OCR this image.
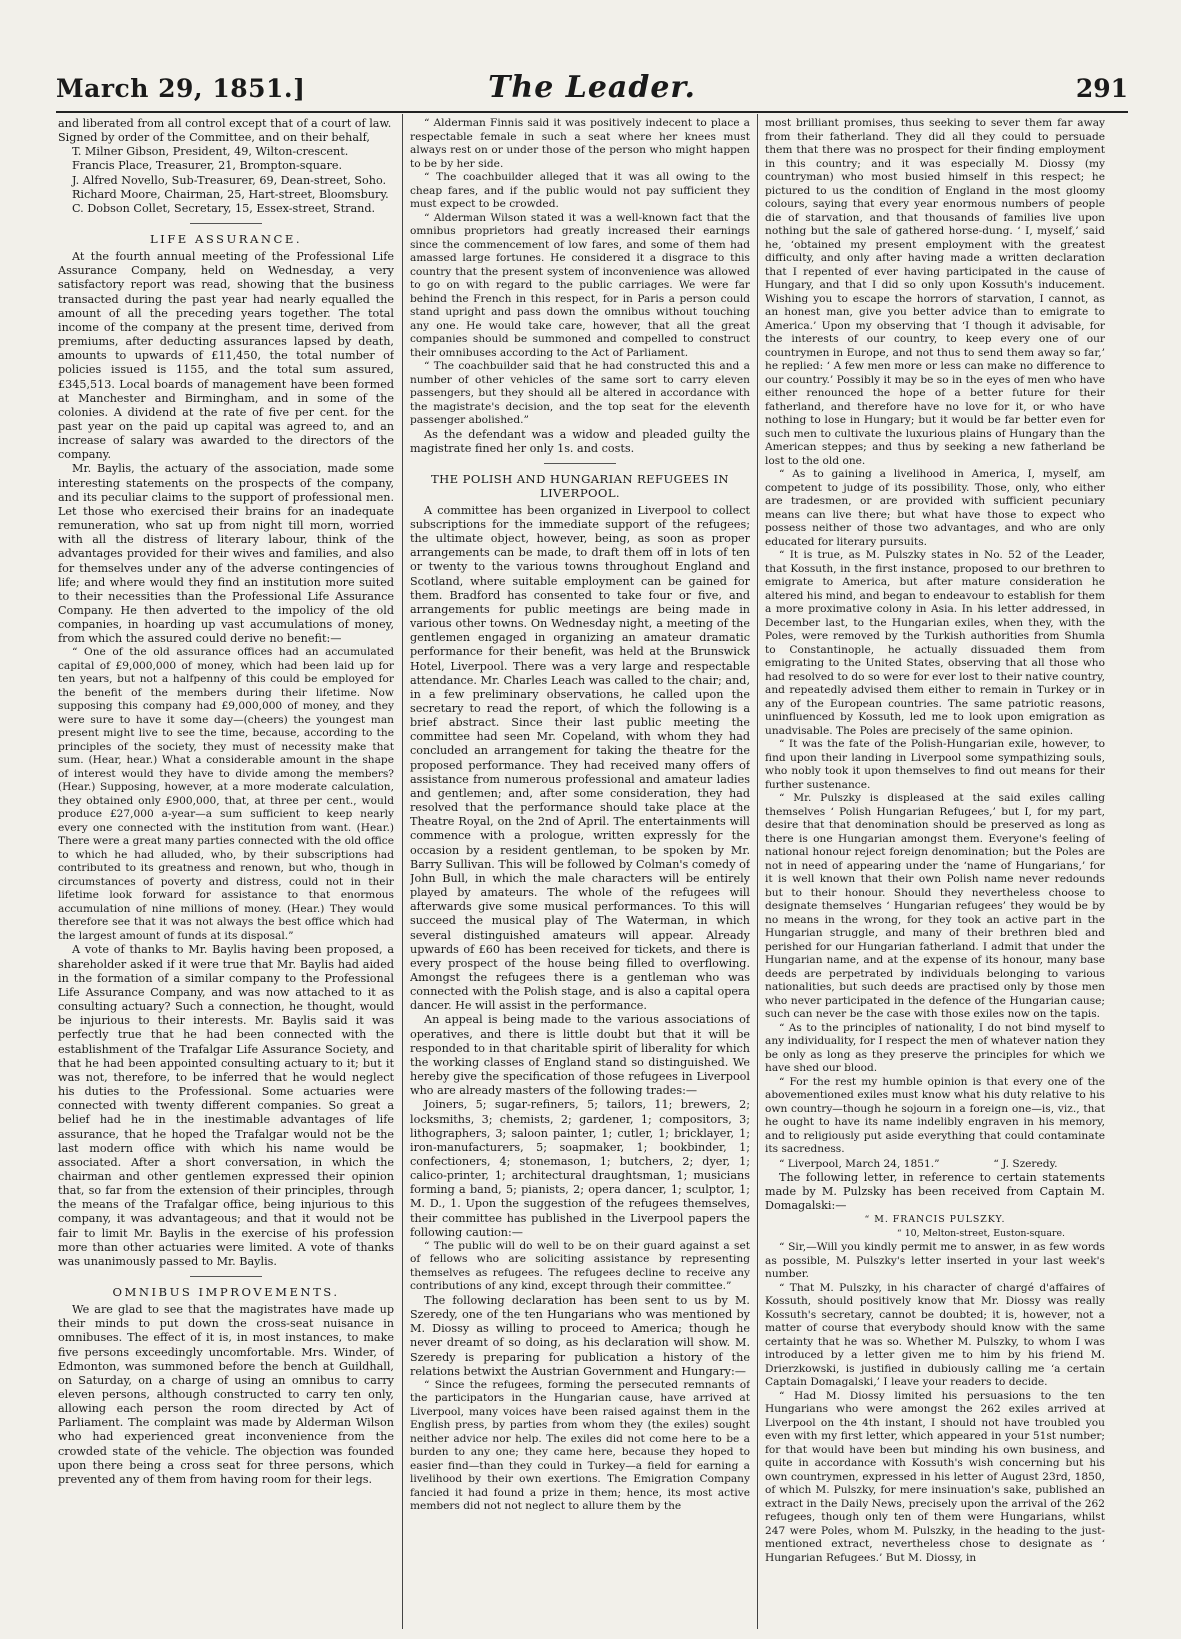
March 29, 1851.]	The Leader.	291

and liberated from all control except that of a court of law.

Signed by order of the Committee, and on their behalf,

T. Milner Gibson, President, 49, Wilton-crescent.

Francis Place, Treasurer, 21, Brompton-square.

J. Alfred Novello, Sub-Treasurer, 69, Dean-street, Soho.

Richard Moore, Chairman, 25, Hart-street, Bloomsbury.

C. Dobson Collet, Secretary, 15, Essex-street, Strand.

LIFE ASSURANCE.

At the fourth annual meeting of the Professional Life Assurance Company, held on Wednesday, a very satisfactory report was read, showing that the business transacted during the past year had nearly equalled the amount of all the preceding years together. The total income of the company at the present time, derived from premiums, after deducting assurances lapsed by death, amounts to upwards of £11,450, the total number of policies issued is 1155, and the total sum assured, £345,513. Local boards of management have been formed at Manchester and Birmingham, and in some of the colonies. A dividend at the rate of five per cent. for the past year on the paid up capital was agreed to, and an increase of salary was awarded to the directors of the company.

Mr. Baylis, the actuary of the association, made some interesting statements on the prospects of the company, and its peculiar claims to the support of professional men. Let those who exercised their brains for an inadequate remuneration, who sat up from night till morn, worried with all the distress of literary labour, think of the advantages provided for their wives and families, and also for themselves under any of the adverse contingencies of life; and where would they find an institution more suited to their necessities than the Professional Life Assurance Company. He then adverted to the impolicy of the old companies, in hoarding up vast accumulations of money, from which the assured could derive no benefit:—

“ One of the old assurance offices had an accumulated capital of £9,000,000 of money, which had been laid up for ten years, but not a halfpenny of this could be employed for the benefit of the members during their lifetime. Now supposing this company had £9,000,000 of money, and they were sure to have it some day—(cheers) the youngest man present might live to see the time, because, according to the principles of the society, they must of necessity make that sum. (Hear, hear.) What a considerable amount in the shape of interest would they have to divide among the members? (Hear.) Supposing, however, at a more moderate calculation, they obtained only £900,000, that, at three per cent., would produce £27,000 a-year—a sum sufficient to keep nearly every one connected with the institution from want. (Hear.) There were a great many parties connected with the old office to which he had alluded, who, by their subscriptions had contributed to its greatness and renown, but who, though in circumstances of poverty and distress, could not in their lifetime look forward for assistance to that enormous accumulation of nine millions of money. (Hear.) They would therefore see that it was not always the best office which had the largest amount of funds at its disposal.”

A vote of thanks to Mr. Baylis having been proposed, a shareholder asked if it were true that Mr. Baylis had aided in the formation of a similar company to the Professional Life Assurance Company, and was now attached to it as consulting actuary? Such a connection, he thought, would be injurious to their interests. Mr. Baylis said it was perfectly true that he had been connected with the establishment of the Trafalgar Life Assurance Society, and that he had been appointed consulting actuary to it; but it was not, therefore, to be inferred that he would neglect his duties to the Professional. Some actuaries were connected with twenty different companies. So great a belief had he in the inestimable advantages of life assurance, that he hoped the Trafalgar would not be the last modern office with which his name would be associated. After a short conversation, in which the chairman and other gentlemen expressed their opinion that, so far from the extension of their principles, through the means of the Trafalgar office, being injurious to this company, it was advantageous; and that it would not be fair to limit Mr. Baylis in the exercise of his profession more than other actuaries were limited. A vote of thanks was unanimously passed to Mr. Baylis.

OMNIBUS IMPROVEMENTS.

We are glad to see that the magistrates have made up their minds to put down the cross-seat nuisance in omnibuses. The effect of it is, in most instances, to make five persons exceedingly uncomfortable. Mrs. Winder, of Edmonton, was summoned before the bench at Guildhall, on Saturday, on a charge of using an omnibus to carry eleven persons, although constructed to carry ten only, allowing each person the room directed by Act of Parliament. The complaint was made by Alderman Wilson who had experienced great inconvenience from the crowded state of the vehicle. The objection was founded upon there being a cross seat for three persons, which prevented any of them from having room for their legs.

“ Alderman Finnis said it was positively indecent to place a respectable female in such a seat where her knees must always rest on or under those of the person who might happen to be by her side.

“ The coachbuilder alleged that it was all owing to the cheap fares, and if the public would not pay sufficient they must expect to be crowded.

“ Alderman Wilson stated it was a well-known fact that the omnibus proprietors had greatly increased their earnings since the commencement of low fares, and some of them had amassed large fortunes. He considered it a disgrace to this country that the present system of inconvenience was allowed to go on with regard to the public carriages. We were far behind the French in this respect, for in Paris a person could stand upright and pass down the omnibus without touching any one. He would take care, however, that all the great companies should be summoned and compelled to construct their omnibuses according to the Act of Parliament.

“ The coachbuilder said that he had constructed this and a number of other vehicles of the same sort to carry eleven passengers, but they should all be altered in accordance with the magistrate's decision, and the top seat for the eleventh passenger abolished.”

As the defendant was a widow and pleaded guilty the magistrate fined her only 1s. and costs.

THE POLISH AND HUNGARIAN REFUGEES IN LIVERPOOL.

A committee has been organized in Liverpool to collect subscriptions for the immediate support of the refugees; the ultimate object, however, being, as soon as proper arrangements can be made, to draft them off in lots of ten or twenty to the various towns throughout England and Scotland, where suitable employment can be gained for them. Bradford has consented to take four or five, and arrangements for public meetings are being made in various other towns. On Wednesday night, a meeting of the gentlemen engaged in organizing an amateur dramatic performance for their benefit, was held at the Brunswick Hotel, Liverpool. There was a very large and respectable attendance. Mr. Charles Leach was called to the chair; and, in a few preliminary observations, he called upon the secretary to read the report, of which the following is a brief abstract. Since their last public meeting the committee had seen Mr. Copeland, with whom they had concluded an arrangement for taking the theatre for the proposed performance. They had received many offers of assistance from numerous professional and amateur ladies and gentlemen; and, after some consideration, they had resolved that the performance should take place at the Theatre Royal, on the 2nd of April. The entertainments will commence with a prologue, written expressly for the occasion by a resident gentleman, to be spoken by Mr. Barry Sullivan. This will be followed by Colman's comedy of John Bull, in which the male characters will be entirely played by amateurs. The whole of the refugees will afterwards give some musical performances. To this will succeed the musical play of The Waterman, in which several distinguished amateurs will appear. Already upwards of £60 has been received for tickets, and there is every prospect of the house being filled to overflowing. Amongst the refugees there is a gentleman who was connected with the Polish stage, and is also a capital opera dancer. He will assist in the performance.

An appeal is being made to the various associations of operatives, and there is little doubt but that it will be responded to in that charitable spirit of liberality for which the working classes of England stand so distinguished. We hereby give the specification of those refugees in Liverpool who are already masters of the following trades:—

Joiners, 5; sugar-refiners, 5; tailors, 11; brewers, 2; locksmiths, 3; chemists, 2; gardener, 1; compositors, 3; lithographers, 3; saloon painter, 1; cutler, 1; bricklayer, 1; iron-manufacturers, 5; soapmaker, 1; bookbinder, 1; confectioners, 4; stonemason, 1; butchers, 2; dyer, 1; calico-printer, 1; architectural draughtsman, 1; musicians forming a band, 5; pianists, 2; opera dancer, 1; sculptor, 1; M. D., 1. Upon the suggestion of the refugees themselves, their committee has published in the Liverpool papers the following caution:—

“ The public will do well to be on their guard against a set of fellows who are soliciting assistance by representing themselves as refugees. The refugees decline to receive any contributions of any kind, except through their committee.”

The following declaration has been sent to us by M. Szeredy, one of the ten Hungarians who was mentioned by M. Diossy as willing to proceed to America; though he never dreamt of so doing, as his declaration will show. M. Szeredy is preparing for publication a history of the relations betwixt the Austrian Government and Hungary:—

“ Since the refugees, forming the persecuted remnants of the participators in the Hungarian cause, have arrived at Liverpool, many voices have been raised against them in the English press, by parties from whom they (the exiles) sought neither advice nor help. The exiles did not come here to be a burden to any one; they came here, because they hoped to easier find—than they could in Turkey—a field for earning a livelihood by their own exertions. The Emigration Company fancied it had found a prize in them; hence, its most active members did not not neglect to allure them by the

most brilliant promises, thus seeking to sever them far away from their fatherland. They did all they could to persuade them that there was no prospect for their finding employment in this country; and it was especially M. Diossy (my countryman) who most busied himself in this respect; he pictured to us the condition of England in the most gloomy colours, saying that every year enormous numbers of people die of starvation, and that thousands of families live upon nothing but the sale of gathered horse-dung. ‘ I, myself,’ said he, ‘obtained my present employment with the greatest difficulty, and only after having made a written declaration that I repented of ever having participated in the cause of Hungary, and that I did so only upon Kossuth's inducement. Wishing you to escape the horrors of starvation, I cannot, as an honest man, give you better advice than to emigrate to America.’ Upon my observing that ‘I though it advisable, for the interests of our country, to keep every one of our countrymen in Europe, and not thus to send them away so far,’ he replied: ‘ A few men more or less can make no difference to our country.’ Possibly it may be so in the eyes of men who have either renounced the hope of a better future for their fatherland, and therefore have no love for it, or who have nothing to lose in Hungary; but it would be far better even for such men to cultivate the luxurious plains of Hungary than the American steppes; and thus by seeking a new fatherland be lost to the old one.

“ As to gaining a livelihood in America, I, myself, am competent to judge of its possibility. Those, only, who either are tradesmen, or are provided with sufficient pecuniary means can live there; but what have those to expect who possess neither of those two advantages, and who are only educated for literary pursuits.

“ It is true, as M. Pulszky states in No. 52 of the Leader, that Kossuth, in the first instance, proposed to our brethren to emigrate to America, but after mature consideration he altered his mind, and began to endeavour to establish for them a more proximative colony in Asia. In his letter addressed, in December last, to the Hungarian exiles, when they, with the Poles, were removed by the Turkish authorities from Shumla to Constantinople, he actually dissuaded them from emigrating to the United States, observing that all those who had resolved to do so were for ever lost to their native country, and repeatedly advised them either to remain in Turkey or in any of the European countries. The same patriotic reasons, uninfluenced by Kossuth, led me to look upon emigration as unadvisable. The Poles are precisely of the same opinion.

“ It was the fate of the Polish-Hungarian exile, however, to find upon their landing in Liverpool some sympathizing souls, who nobly took it upon themselves to find out means for their further sustenance.

“ Mr. Pulszky is displeased at the said exiles calling themselves ‘ Polish Hungarian Refugees,’ but I, for my part, desire that that denomination should be preserved as long as there is one Hungarian amongst them. Everyone's feeling of national honour reject foreign denomination; but the Poles are not in need of appearing under the ‘name of Hungarians,’ for it is well known that their own Polish name never redounds but to their honour. Should they nevertheless choose to designate themselves ‘ Hungarian refugees’ they would be by no means in the wrong, for they took an active part in the Hungarian struggle, and many of their brethren bled and perished for our Hungarian fatherland. I admit that under the Hungarian name, and at the expense of its honour, many base deeds are perpetrated by individuals belonging to various nationalities, but such deeds are practised only by those men who never participated in the defence of the Hungarian cause; such can never be the case with those exiles now on the tapis.

“ As to the principles of nationality, I do not bind myself to any individuality, for I respect the men of whatever nation they be only as long as they preserve the principles for which we have shed our blood.

“ For the rest my humble opinion is that every one of the abovementioned exiles must know what his duty relative to his own country—though he sojourn in a foreign one—is, viz., that he ought to have its name indelibly engraven in his memory, and to religiously put aside everything that could contaminate its sacredness.

“ Liverpool, March 24, 1851.”                “ J. Szeredy.

The following letter, in reference to certain statements made by M. Pulzsky has been received from Captain M. Domagalski:—

“ M. FRANCIS PULSZKY.

“ 10, Melton-street, Euston-square.

“ Sir,—Will you kindly permit me to answer, in as few words as possible, M. Pulszky's letter inserted in your last week's number.

“ That M. Pulszky, in his character of chargé d'affaires of Kossuth, should positively know that Mr. Diossy was really Kossuth's secretary, cannot be doubted; it is, however, not a matter of course that everybody should know with the same certainty that he was so. Whether M. Pulszky, to whom I was introduced by a letter given me to him by his friend M. Drierzkowski, is justified in dubiously calling me ‘a certain Captain Domagalski,’ I leave your readers to decide.

“ Had M. Diossy limited his persuasions to the ten Hungarians who were amongst the 262 exiles arrived at Liverpool on the 4th instant, I should not have troubled you even with my first letter, which appeared in your 51st number; for that would have been but minding his own business, and quite in accordance with Kossuth's wish concerning but his own countrymen, expressed in his letter of August 23rd, 1850, of which M. Pulszky, for mere insinuation's sake, published an extract in the Daily News, precisely upon the arrival of the 262 refugees, though only ten of them were Hungarians, whilst 247 were Poles, whom M. Pulszky, in the heading to the just-mentioned extract, nevertheless chose to designate as ‘ Hungarian Refugees.’ But M. Diossy, in
